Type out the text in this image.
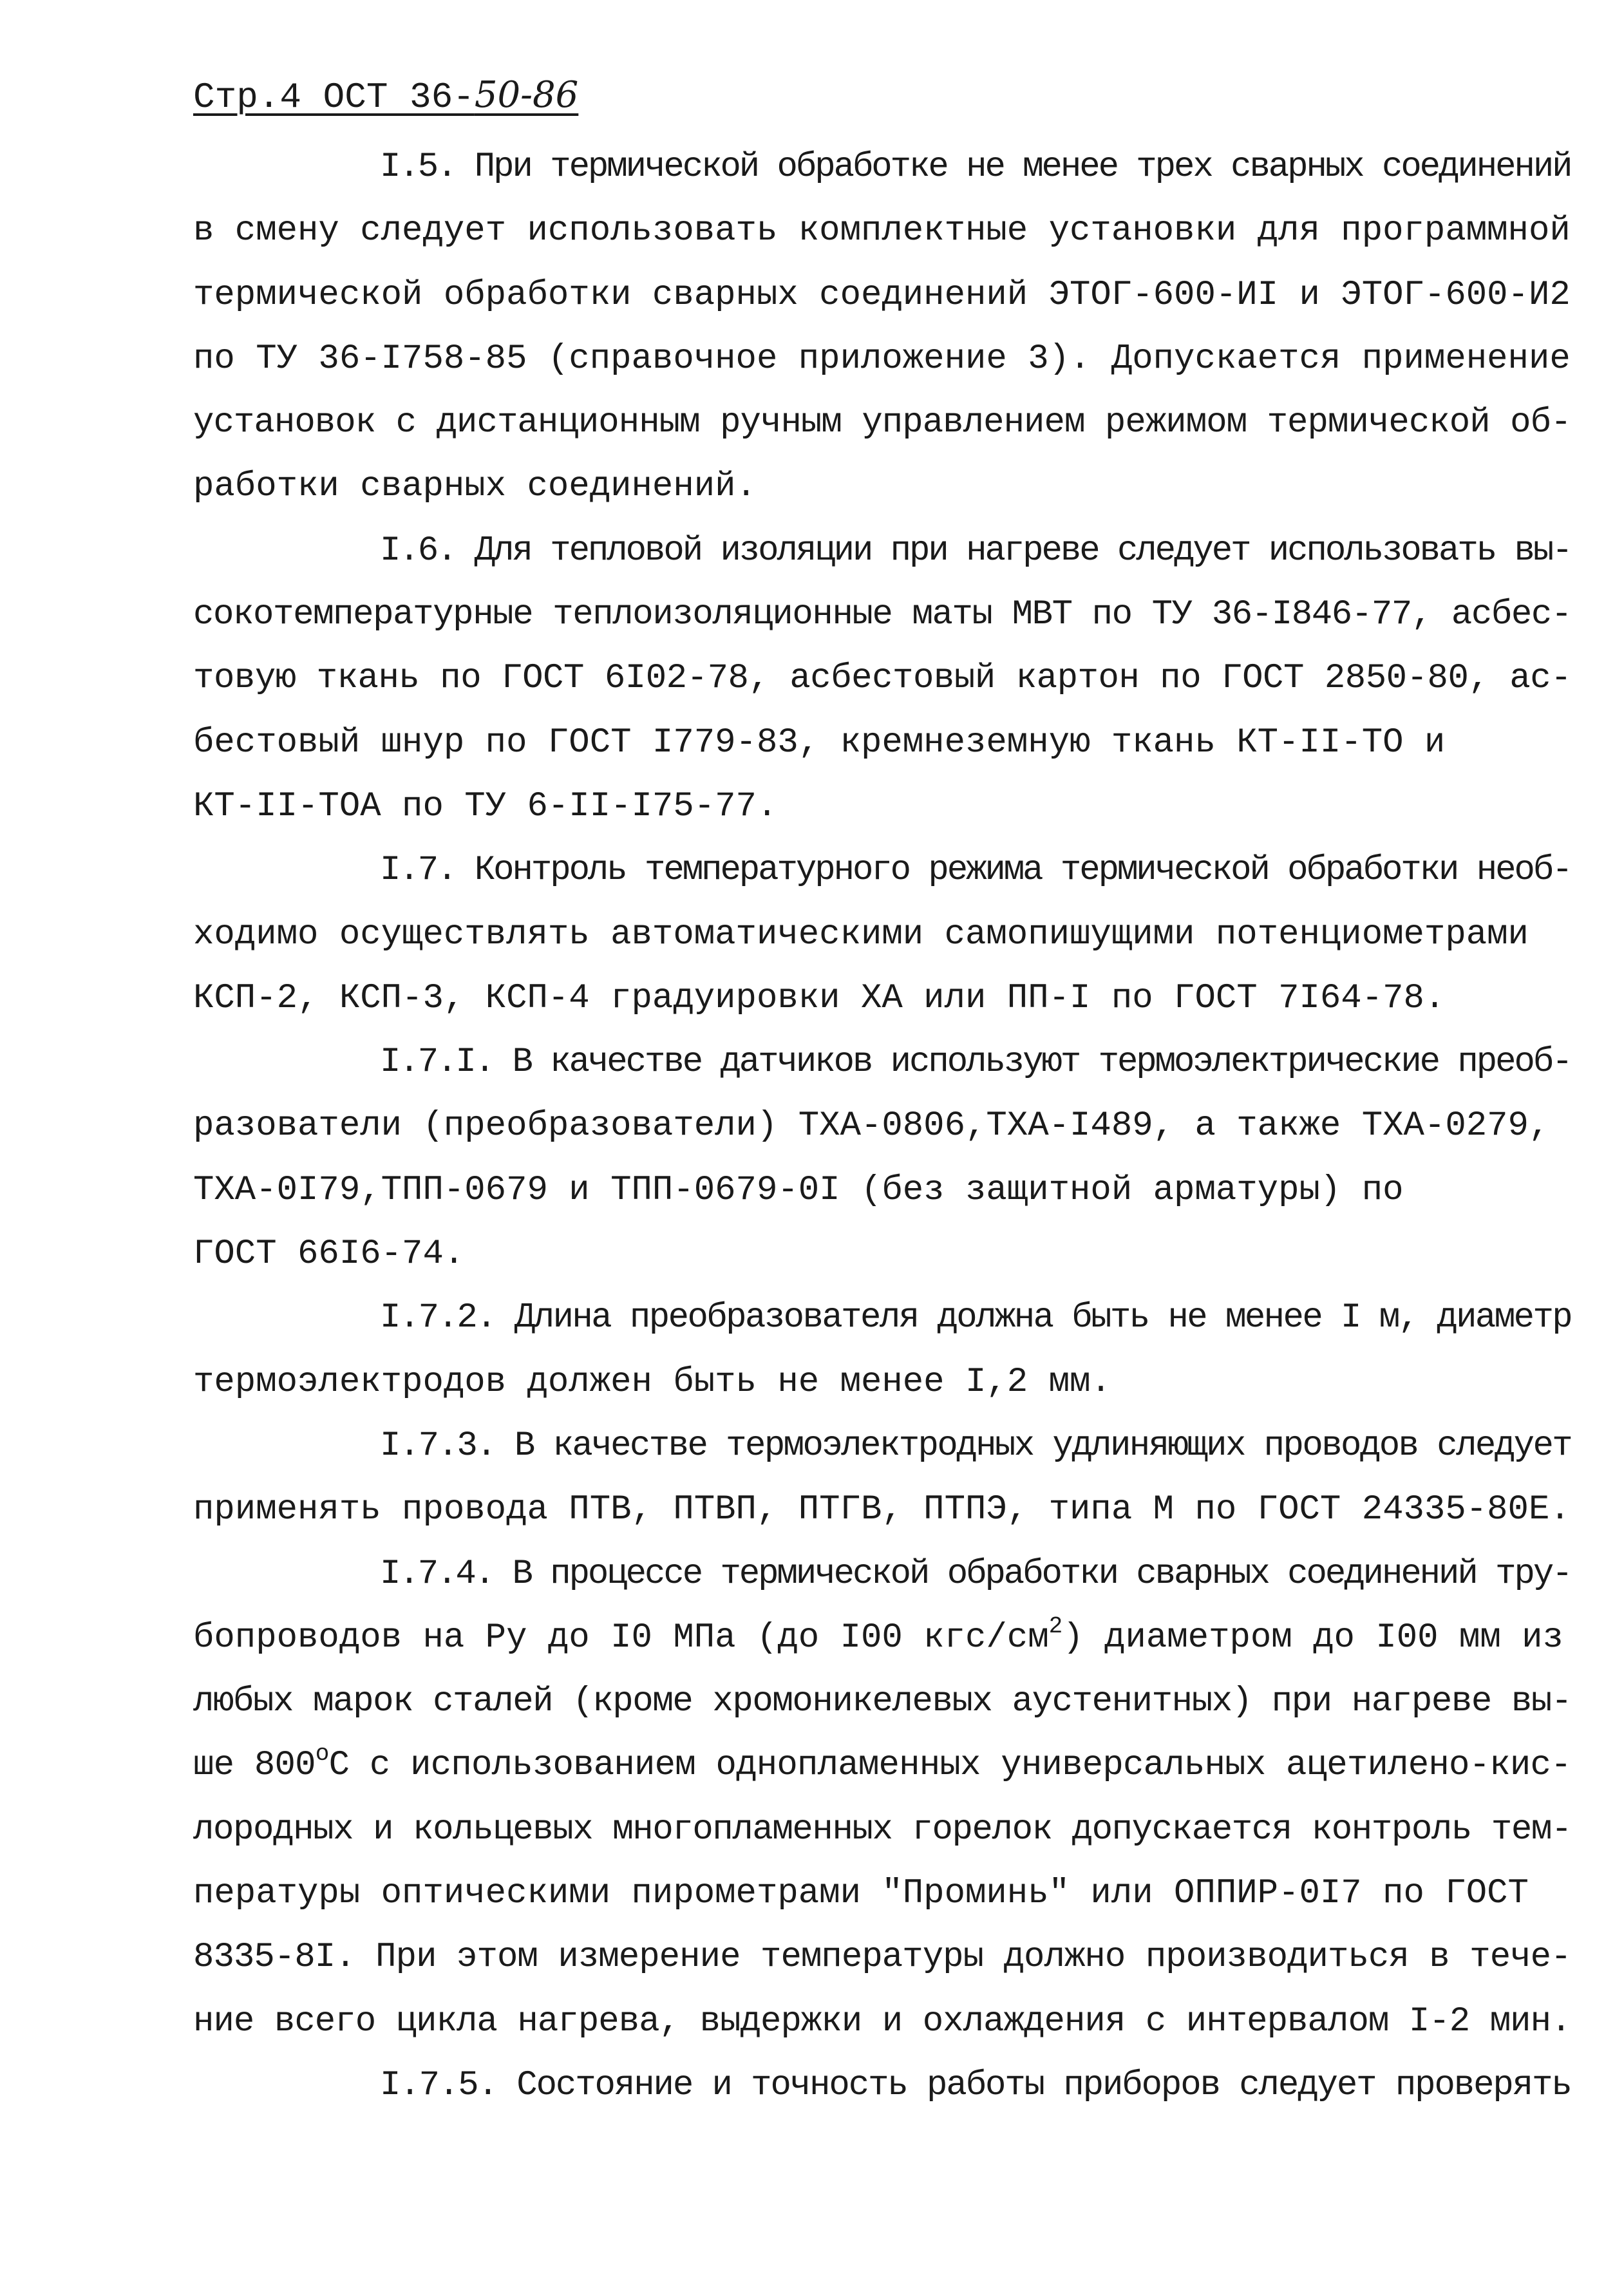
Стр.4 ОСТ 36-50-86
I.5. При термической обработке не менее трех сварных соединений
в смену следует использовать комплектные установки для программной
термической обработки сварных соединений ЭТОГ-600-ИI и ЭТОГ-600-И2
по ТУ 36-I758-85 (справочное приложение 3). Допускается применение
установок с дистанционным ручным управлением режимом термической об-
работки сварных соединений.
I.6. Для тепловой изоляции при нагреве следует использовать вы-
сокотемпературные теплоизоляционные маты МВТ по ТУ 36-I846-77, асбес-
товую ткань по ГОСТ 6I02-78, асбестовый картон по ГОСТ 2850-80, ас-
бестовый шнур по ГОСТ I779-83, кремнеземную ткань КТ-II-ТО и
КТ-II-ТОА по ТУ 6-II-I75-77.
I.7. Контроль температурного режима термической обработки необ-
ходимо осуществлять автоматическими самопишущими потенциометрами
КСП-2, КСП-3, КСП-4 градуировки ХА или ПП-I по ГОСТ 7I64-78.
I.7.I. В качестве датчиков используют термоэлектрические преоб-
разователи (преобразователи) ТХА-0806,ТХА-I489, а также ТХА-0279,
ТХА-0I79,ТПП-0679 и ТПП-0679-0I (без защитной арматуры) по
ГОСТ 66I6-74.
I.7.2. Длина преобразователя должна быть не менее I м, диаметр
термоэлектродов должен быть не менее I,2 мм.
I.7.3. В качестве термоэлектродных удлиняющих проводов следует
применять провода ПТВ, ПТВП, ПТГВ, ПТПЭ, типа М по ГОСТ 24335-80Е.
I.7.4. В процессе термической обработки сварных соединений тру-
бопроводов на Ру до I0 МПа (до I00 кгс/$см^2$) диаметром до I00 мм из
любых марок сталей (кроме хромоникелевых аустенитных) при нагреве вы-
ше $800^оС$ с использованием однопламенных универсальных ацетилено-кис-
лородных и кольцевых многопламенных горелок допускается контроль тем-
пературы оптическими пирометрами "Проминь" или ОППИР-0I7 по ГОСТ
8335-8I. При этом измерение температуры должно производиться в тече-
ние всего цикла нагрева, выдержки и охлаждения с интервалом I-2 мин.
I.7.5. Состояние и точность работы приборов следует проверять
